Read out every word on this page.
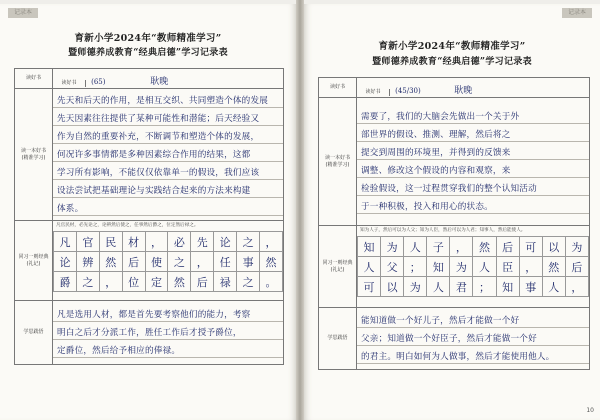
记录本
育新小学2024年“教师精准学习”
暨师德养成教育“经典启德”学习记录表
读好书	读好书 (65)	耿晚

读一本好书
(精准学习)

先天和后天的作用，是相互交织、共同塑造个体的发展

先天因素往往提供了某种可能性和潜能；后天经验又

作为自然的重要补充，不断调节和塑造个体的发展，

何况许多事情都是多种因素综合作用的结果，这都

学习所有影响，不能仅仅依靠单一的假设，我们应该

设法尝试把基础理论与实践结合起来的方法来构建

体系。

同习一则经典
(礼记)

凡官民材，必先论之，论辨然后使之，任事然后爵之，位定然后禄之。
凡	官	民	材	，	必	先	论	之	，
论	辨	然	后	使	之	，	任	事	然
爵	之	，	位	定	然	后	禄	之	。

学思践悟	

凡是选用人材，都是首先要考察他们的能力，考察

明白之后才分派工作，胜任工作后才授予爵位，

定爵位，然后给予相应的俸禄。

记录本
育新小学2024年“教师精准学习”
暨师德养成教育“经典启德”学习记录表
读好书	读好书 (45/30)	耿晚

读一本好书
(精准学习)

需要了，我们的大脑会先做出一个关于外

部世界的假设、推测、理解，然后将之

提交到周围的环境里，并得到的反馈来

调整、修改这个假设的内容和观察，来

检验假设，这一过程贯穿我们的整个认知活动

于一种积极，投入和用心的状态。

同习一则经典
(礼记)

知为人子，然后可以为人父；知为人臣，然后可以为人君；知事人，然后能使人。
知	为	人	子	，	然	后	可	以	为
人	父	；	知	为	人	臣	，	然	后
可	以	为	人	君	；	知	事	人	，

学思践悟	

能知道做一个好儿子，然后才能做一个好

父亲；知道做一个好臣子，然后才能做一个好

的君主。明白如何为人做事，然后才能使用他人。

10
